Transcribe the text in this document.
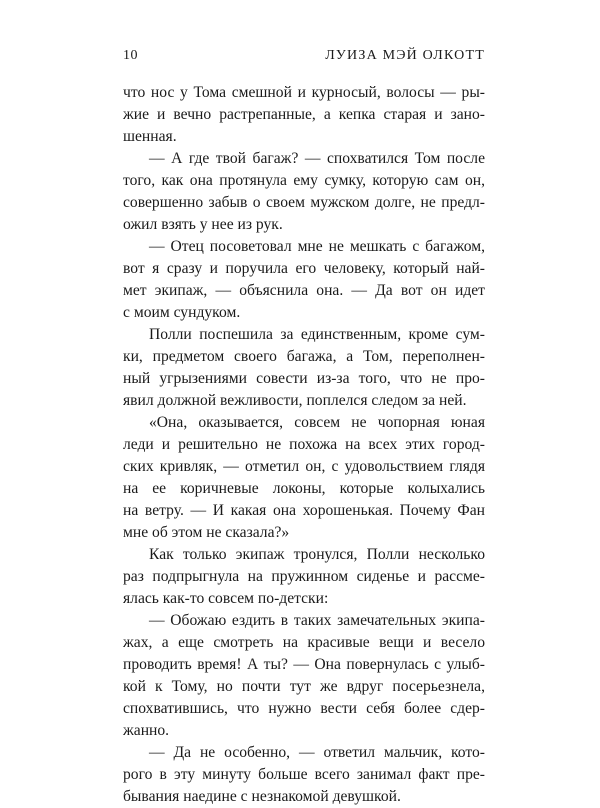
10	ЛУИЗА МЭЙ ОЛКОТТ
что нос у Тома смешной и курносый, волосы — ры-
жие и вечно растрепанные, а кепка старая и зано-
шенная.
— А где твой багаж? — спохватился Том после
того, как она протянула ему сумку, которую сам он,
совершенно забыв о своем мужском долге, не предл-
ожил взять у нее из рук.
— Отец посоветовал мне не мешкать с багажом,
вот я сразу и поручила его человеку, который най-
мет экипаж, — объяснила она. — Да вот он идет
с моим сундуком.
Полли поспешила за единственным, кроме сум-
ки, предметом своего багажа, а Том, переполнен-
ный угрызениями совести из-за того, что не про-
явил должной вежливости, поплелся следом за ней.
«Она, оказывается, совсем не чопорная юная
леди и решительно не похожа на всех этих город-
ских кривляк, — отметил он, с удовольствием глядя
на ее коричневые локоны, которые колыхались
на ветру. — И какая она хорошенькая. Почему Фан
мне об этом не сказала?»
Как только экипаж тронулся, Полли несколько
раз подпрыгнула на пружинном сиденье и рассме-
ялась как-то совсем по-детски:
— Обожаю ездить в таких замечательных экипа-
жах, а еще смотреть на красивые вещи и весело
проводить время! А ты? — Она повернулась с улыб-
кой к Тому, но почти тут же вдруг посерьезнела,
спохватившись, что нужно вести себя более сдер-
жанно.
— Да не особенно, — ответил мальчик, кото-
рого в эту минуту больше всего занимал факт пре-
бывания наедине с незнакомой девушкой.
